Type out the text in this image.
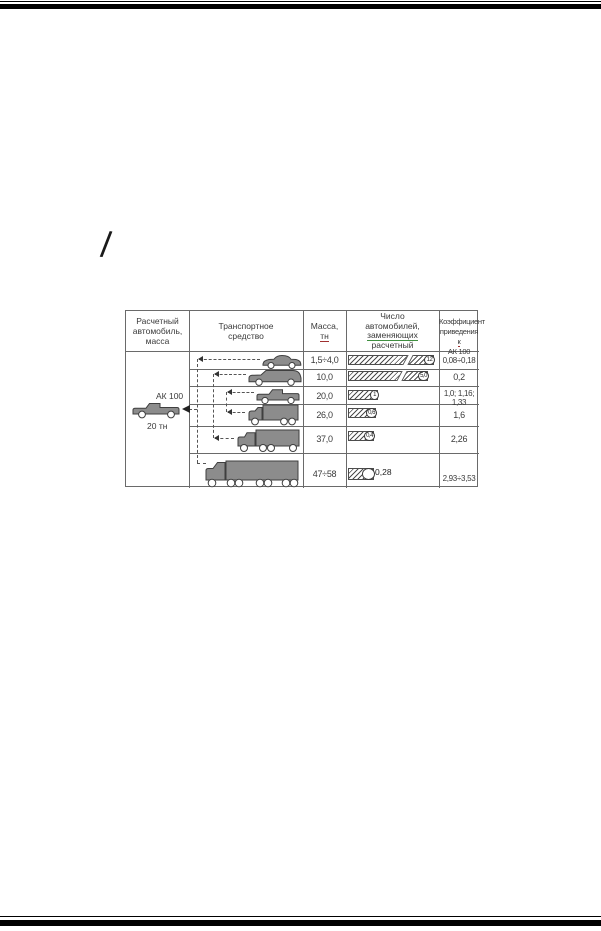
/
Расчетный
автомобиль,
масса
Транспортное
средство
Масса,
тн
Число
автомобилей,
заменяющих
расчетный
Коэффициент
приведения к
АК 100
АК 100
20 тн
1,5÷4,0
10,0
20,0
26,0
37,0
47÷58
12
5,0
1
0,6
0,4
0,28
0,08÷0,18
0,2
1,0; 1,16;
1,33
1,6
2,26
2,93÷3,53
